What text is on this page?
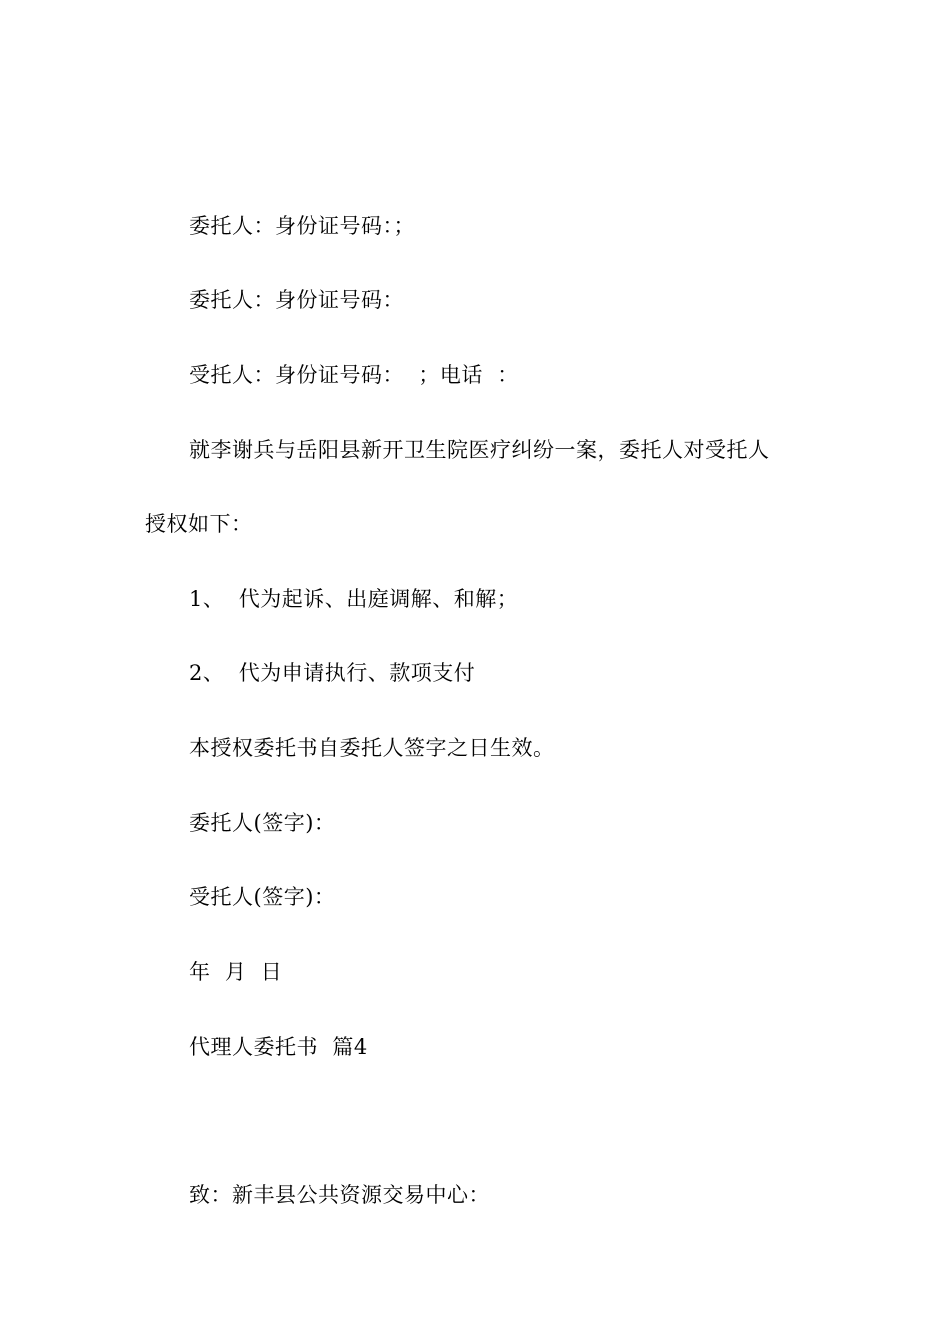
委托人：身份证号码：；
委托人：身份证号码：
受托人：身份证号码：  ；电话  ：
就李谢兵与岳阳县新开卫生院医疗纠纷一案，委托人对受托人
授权如下：
1、  代为起诉、出庭调解、和解；
2、  代为申请执行、款项支付
本授权委托书自委托人签字之日生效。
委托人(签字)：
受托人(签字)：
年  月  日
代理人委托书  篇4
致：新丰县公共资源交易中心：
